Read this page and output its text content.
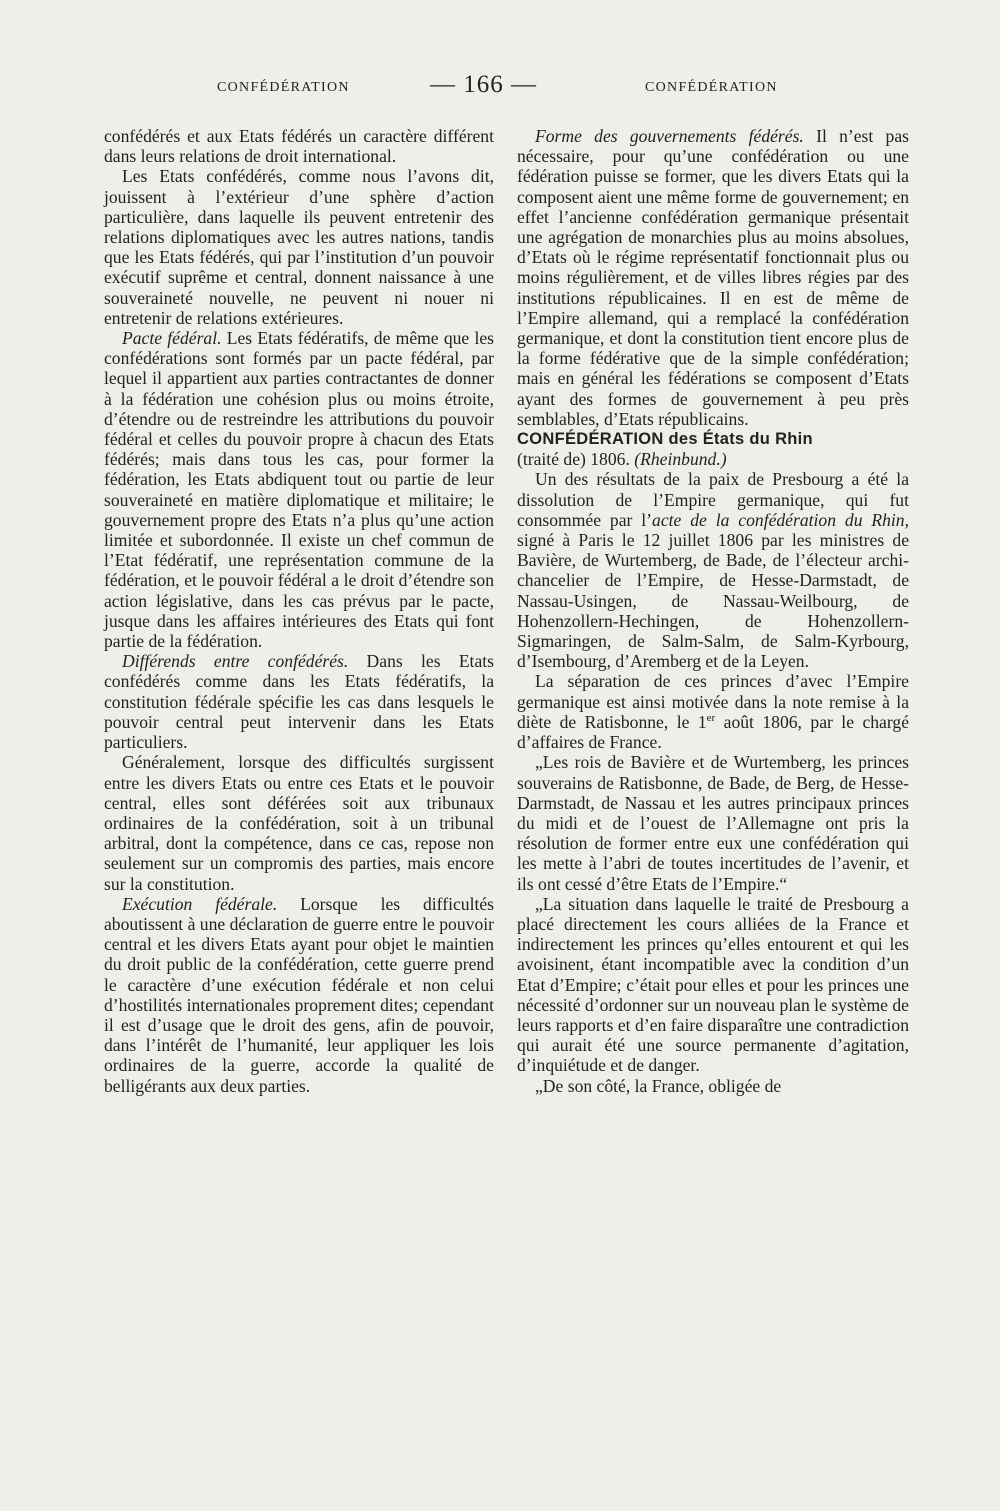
CONFÉDÉRATION	— 166 —	CONFÉDÉRATION

confédérés et aux Etats fédérés un caractère différent dans leurs relations de droit international.

Les Etats confédérés, comme nous l’avons dit, jouissent à l’extérieur d’une sphère d’action particulière, dans laquelle ils peuvent entretenir des relations diplomatiques avec les autres nations, tandis que les Etats fédérés, qui par l’institution d’un pouvoir exécutif suprême et central, donnent naissance à une souveraineté nouvelle, ne peuvent ni nouer ni entretenir de relations extérieures.

Pacte fédéral. Les Etats fédératifs, de même que les confédérations sont formés par un pacte fédéral, par lequel il appartient aux parties contractantes de donner à la fédération une cohésion plus ou moins étroite, d’étendre ou de restreindre les attributions du pouvoir fédéral et celles du pouvoir propre à chacun des Etats fédérés; mais dans tous les cas, pour former la fédération, les Etats abdiquent tout ou partie de leur souveraineté en matière diplomatique et militaire; le gouvernement propre des Etats n’a plus qu’une action limitée et subordonnée. Il existe un chef commun de l’Etat fédératif, une représentation commune de la fédération, et le pouvoir fédéral a le droit d’étendre son action législative, dans les cas prévus par le pacte, jusque dans les affaires intérieures des Etats qui font partie de la fédération.

Différends entre confédérés. Dans les Etats confédérés comme dans les Etats fédératifs, la constitution fédérale spécifie les cas dans lesquels le pouvoir central peut intervenir dans les Etats particuliers.

Généralement, lorsque des difficultés surgissent entre les divers Etats ou entre ces Etats et le pouvoir central, elles sont déférées soit aux tribunaux ordinaires de la confédération, soit à un tribunal arbitral, dont la compétence, dans ce cas, repose non seulement sur un compromis des parties, mais encore sur la constitution.

Exécution fédérale. Lorsque les difficultés aboutissent à une déclaration de guerre entre le pouvoir central et les divers Etats ayant pour objet le maintien du droit public de la confédération, cette guerre prend le caractère d’une exécution fédérale et non celui d’hostilités internationales proprement dites; cependant il est d’usage que le droit des gens, afin de pouvoir, dans l’intérêt de l’humanité, leur appliquer les lois ordinaires de la guerre, accorde la qualité de belligérants aux deux parties.

Forme des gouvernements fédérés. Il n’est pas nécessaire, pour qu’une confédération ou une fédération puisse se former, que les divers Etats qui la composent aient une même forme de gouvernement; en effet l’ancienne confédération germanique présentait une agrégation de monarchies plus au moins absolues, d’Etats où le régime représentatif fonctionnait plus ou moins régulièrement, et de villes libres régies par des institutions républicaines. Il en est de même de l’Empire allemand, qui a remplacé la confédération germanique, et dont la constitution tient encore plus de la forme fédérative que de la simple confédération; mais en général les fédérations se composent d’Etats ayant des formes de gouvernement à peu près semblables, d’Etats républicains.

CONFÉDÉRATION des États du Rhin

(traité de) 1806. (Rheinbund.)

Un des résultats de la paix de Presbourg a été la dissolution de l’Empire germanique, qui fut consommée par l’acte de la confédération du Rhin, signé à Paris le 12 juillet 1806 par les ministres de Bavière, de Wurtemberg, de Bade, de l’électeur archi-chancelier de l’Empire, de Hesse-Darmstadt, de Nassau-Usingen, de Nassau-Weilbourg, de Hohenzollern-Hechingen, de Hohenzollern-Sigmaringen, de Salm-Salm, de Salm-Kyrbourg, d’Isembourg, d’Aremberg et de la Leyen.

La séparation de ces princes d’avec l’Empire germanique est ainsi motivée dans la note remise à la diète de Ratisbonne, le 1er août 1806, par le chargé d’affaires de France.

„Les rois de Bavière et de Wurtemberg, les princes souverains de Ratisbonne, de Bade, de Berg, de Hesse-Darmstadt, de Nassau et les autres principaux princes du midi et de l’ouest de l’Allemagne ont pris la résolution de former entre eux une confédération qui les mette à l’abri de toutes incertitudes de l’avenir, et ils ont cessé d’être Etats de l’Empire.“

„La situation dans laquelle le traité de Presbourg a placé directement les cours alliées de la France et indirectement les princes qu’elles entourent et qui les avoisinent, étant incompatible avec la condition d’un Etat d’Empire; c’était pour elles et pour les princes une nécessité d’ordonner sur un nouveau plan le système de leurs rapports et d’en faire disparaître une contradiction qui aurait été une source permanente d’agitation, d’inquiétude et de danger.

„De son côté, la France, obligée de
